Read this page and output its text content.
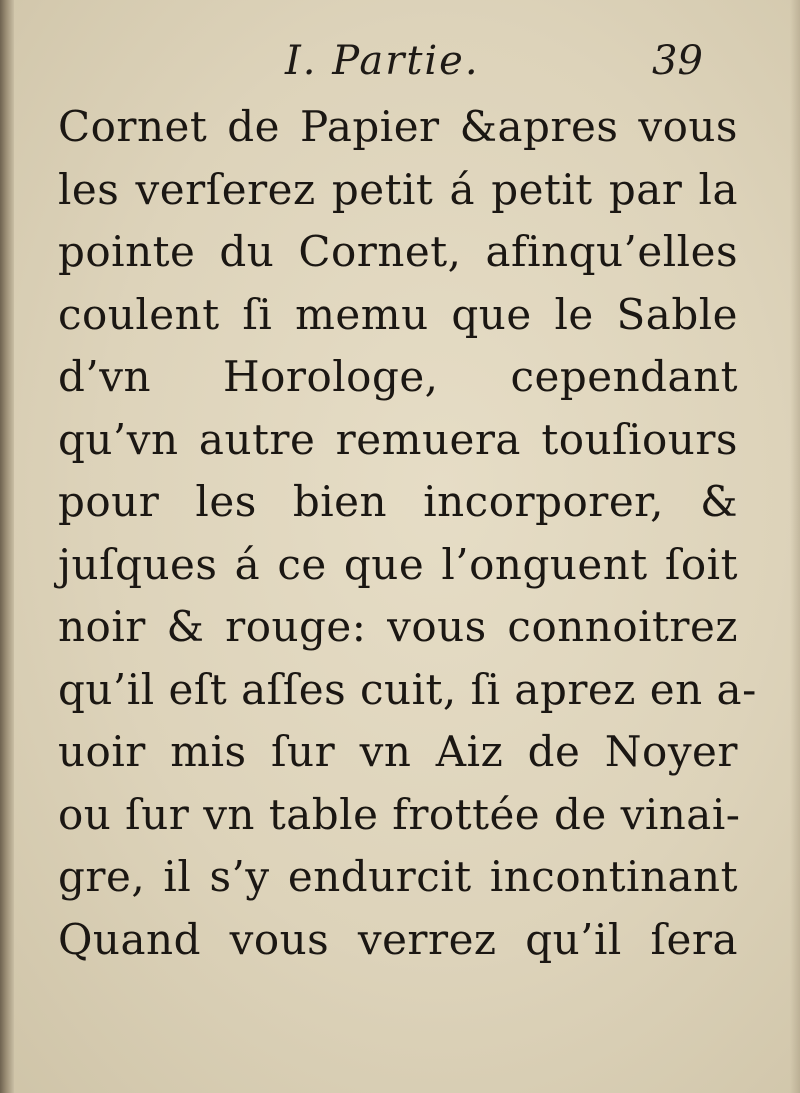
I. Partie.	39
Cornet de Papier &apres vous
les verſerez petit á petit par la
pointe du Cornet, afinqu’elles
coulent ſi memu que le Sable
d’vn Horologe, cependant
qu’vn autre remuera touſiours
pour les bien incorporer, &
juſques á ce que l’onguent ſoit
noir & rouge: vous connoitrez
qu’il eſt aſſes cuit, ſi aprez en a-
uoir mis ſur vn Aiz de Noyer
ou ſur vn table frottée de vinai-
gre, il s’y endurcit incontinant
Quand vous verrez qu’il ſera
